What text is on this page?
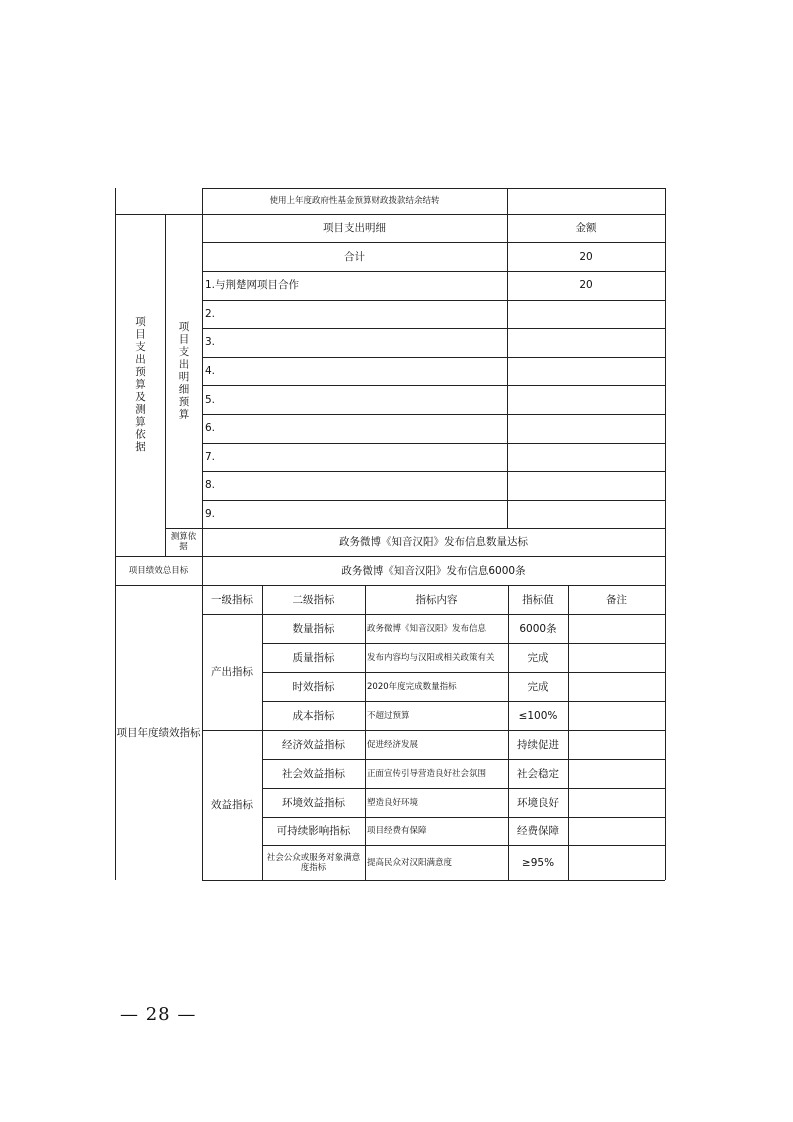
使用上年度政府性基金预算财政拨款结余结转
项目支出预算及测算依据	项目支出明细预算
项目支出明细	金额
合计	20
1.与荆楚网项目合作	20
2.
3.
4.
5.
6.
7.
8.
9.
测算依据	政务微博《知音汉阳》发布信息数量达标
项目绩效总目标	政务微博《知音汉阳》发布信息6000条
项目年度绩效指标
一级指标	二级指标	指标内容	指标值	备注
产出指标
数量指标	政务微博《知音汉阳》发布信息	6000条
质量指标	发布内容均与汉阳或相关政策有关	完成
时效指标	2020年度完成数量指标	完成
成本指标	不超过预算	≤100%
效益指标
经济效益指标	促进经济发展	持续促进
社会效益指标	正面宣传引导营造良好社会氛围	社会稳定
环境效益指标	塑造良好环境	环境良好
可持续影响指标	项目经费有保障	经费保障
社会公众或服务对象满意度指标	提高民众对汉阳满意度	≥95%
— 28 —
